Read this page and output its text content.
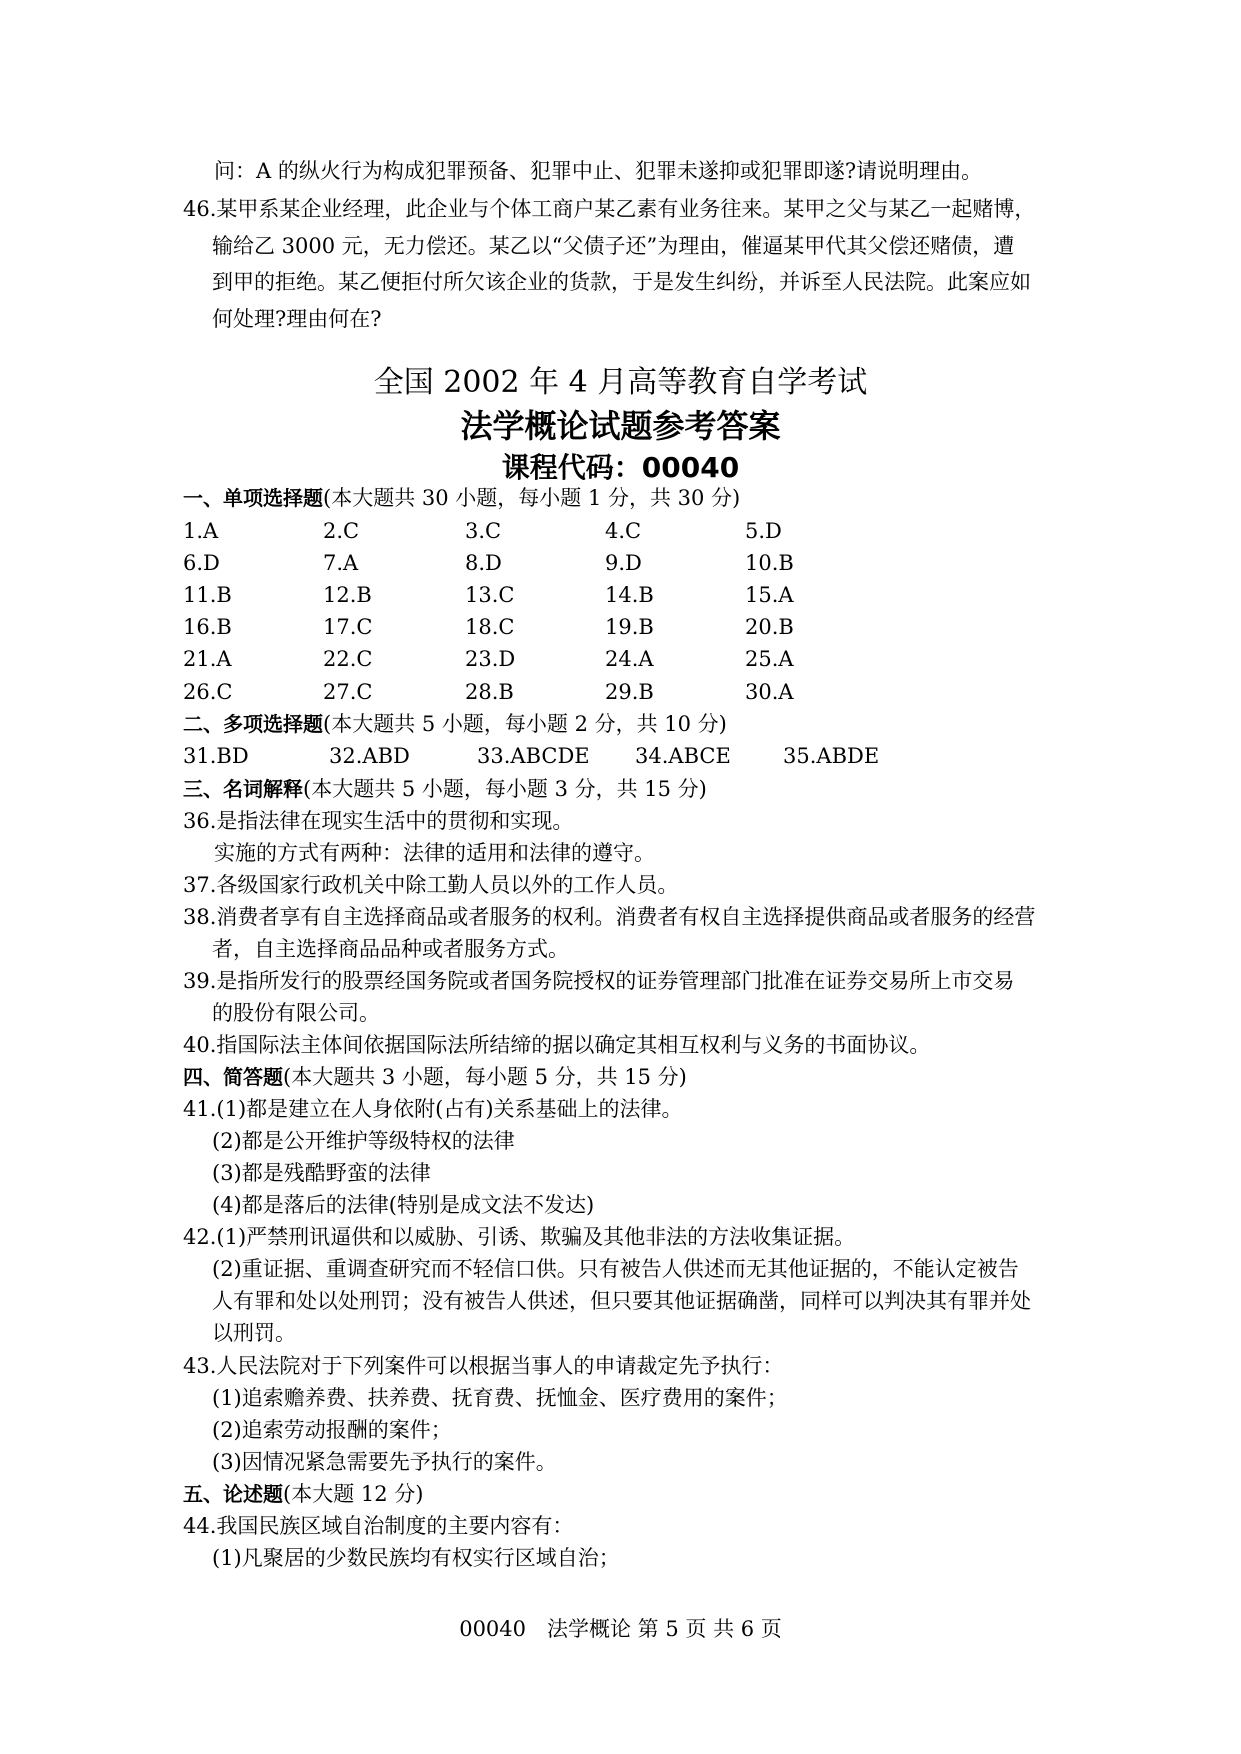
问：A 的纵火行为构成犯罪预备、犯罪中止、犯罪未遂抑或犯罪即遂?请说明理由。
46.某甲系某企业经理，此企业与个体工商户某乙素有业务往来。某甲之父与某乙一起赌博，
输给乙 3000 元，无力偿还。某乙以“父债子还”为理由，催逼某甲代其父偿还赌债，遭
到甲的拒绝。某乙便拒付所欠该企业的货款，于是发生纠纷，并诉至人民法院。此案应如
何处理?理由何在?
全国 2002 年 4 月高等教育自学考试
法学概论试题参考答案
课程代码：00040
一、单项选择题(本大题共 30 小题，每小题 1 分，共 30 分)
1.A	2.C	3.C	4.C	5.D
6.D	7.A	8.D	9.D	10.B
11.B	12.B	13.C	14.B	15.A
16.B	17.C	18.C	19.B	20.B
21.A	22.C	23.D	24.A	25.A
26.C	27.C	28.B	29.B	30.A
二、多项选择题(本大题共 5 小题，每小题 2 分，共 10 分)
31.BD	32.ABD	33.ABCDE 34.ABCE 35.ABDE
三、名词解释(本大题共 5 小题，每小题 3 分，共 15 分)
36.是指法律在现实生活中的贯彻和实现。
实施的方式有两种：法律的适用和法律的遵守。
37.各级国家行政机关中除工勤人员以外的工作人员。
38.消费者享有自主选择商品或者服务的权利。消费者有权自主选择提供商品或者服务的经营
者，自主选择商品品种或者服务方式。
39.是指所发行的股票经国务院或者国务院授权的证券管理部门批准在证券交易所上市交易
的股份有限公司。
40.指国际法主体间依据国际法所结缔的据以确定其相互权利与义务的书面协议。
四、简答题(本大题共 3 小题，每小题 5 分，共 15 分)
41.(1)都是建立在人身依附(占有)关系基础上的法律。
(2)都是公开维护等级特权的法律
(3)都是残酷野蛮的法律
(4)都是落后的法律(特别是成文法不发达)
42.(1)严禁刑讯逼供和以威胁、引诱、欺骗及其他非法的方法收集证据。
(2)重证据、重调查研究而不轻信口供。只有被告人供述而无其他证据的，不能认定被告
人有罪和处以处刑罚；没有被告人供述，但只要其他证据确凿，同样可以判决其有罪并处
以刑罚。
43.人民法院对于下列案件可以根据当事人的申请裁定先予执行：
(1)追索赡养费、扶养费、抚育费、抚恤金、医疗费用的案件；
(2)追索劳动报酬的案件；
(3)因情况紧急需要先予执行的案件。
五、论述题(本大题 12 分)
44.我国民族区域自治制度的主要内容有：
(1)凡聚居的少数民族均有权实行区域自治；
00040　法学概论 第 5 页 共 6 页
